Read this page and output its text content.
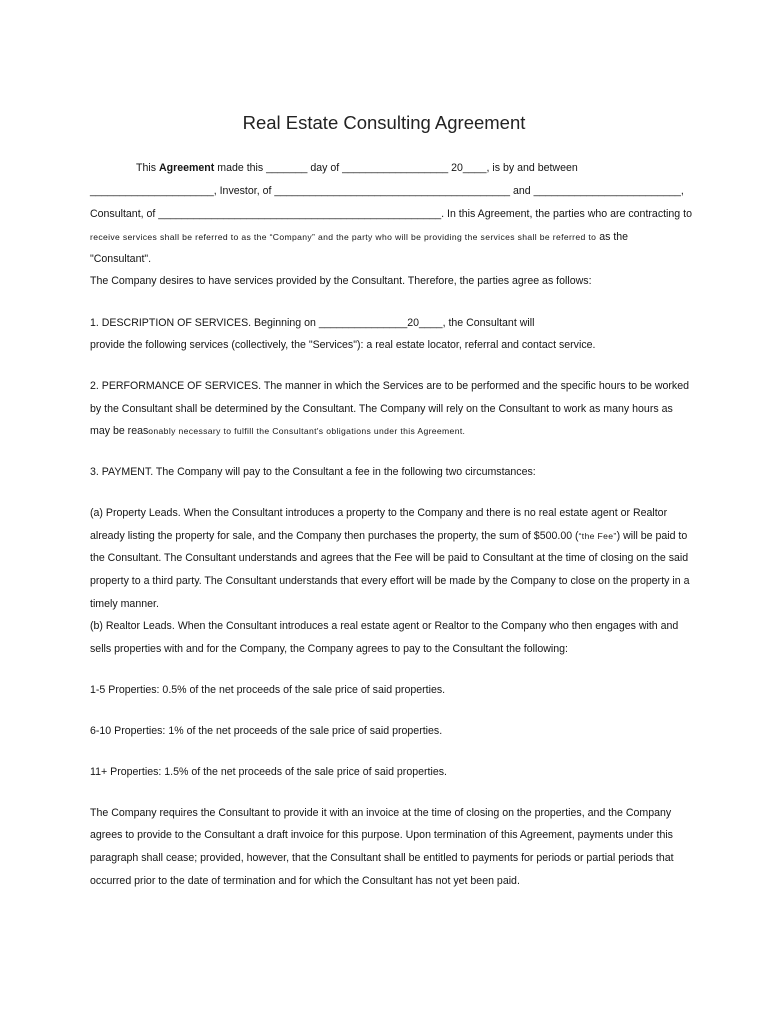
Real Estate Consulting Agreement
This Agreement made this _______ day of __________________ 20____, is by and between
_____________________, Investor, of ________________________________________ and _________________________,
Consultant, of ________________________________________________. In this Agreement, the parties who are contracting to
receive services shall be referred to as the “Company” and the party who will be providing the services shall be referred to as the
"Consultant".
The Company desires to have services provided by the Consultant. Therefore, the parties agree as follows:
1. DESCRIPTION OF SERVICES. Beginning on _______________20____, the Consultant will
provide the following services (collectively, the "Services"): a real estate locator, referral and contact service.
2. PERFORMANCE OF SERVICES. The manner in which the Services are to be performed and the specific hours to be worked
by the Consultant shall be determined by the Consultant. The Company will rely on the Consultant to work as many hours as
may be reasonably necessary to fulfill the Consultant's obligations under this Agreement.
3. PAYMENT. The Company will pay to the Consultant a fee in the following two circumstances:
(a) Property Leads. When the Consultant introduces a property to the Company and there is no real estate agent or Realtor
already listing the property for sale, and the Company then purchases the property, the sum of $500.00 (“the Fee”) will be paid to
the Consultant. The Consultant understands and agrees that the Fee will be paid to Consultant at the time of closing on the said
property to a third party. The Consultant understands that every effort will be made by the Company to close on the property in a
timely manner.
(b) Realtor Leads. When the Consultant introduces a real estate agent or Realtor to the Company who then engages with and
sells properties with and for the Company, the Company agrees to pay to the Consultant the following:
1-5 Properties: 0.5% of the net proceeds of the sale price of said properties.
6-10 Properties: 1% of the net proceeds of the sale price of said properties.
11+ Properties: 1.5% of the net proceeds of the sale price of said properties.
The Company requires the Consultant to provide it with an invoice at the time of closing on the properties, and the Company
agrees to provide to the Consultant a draft invoice for this purpose. Upon termination of this Agreement, payments under this
paragraph shall cease; provided, however, that the Consultant shall be entitled to payments for periods or partial periods that
occurred prior to the date of termination and for which the Consultant has not yet been paid.
